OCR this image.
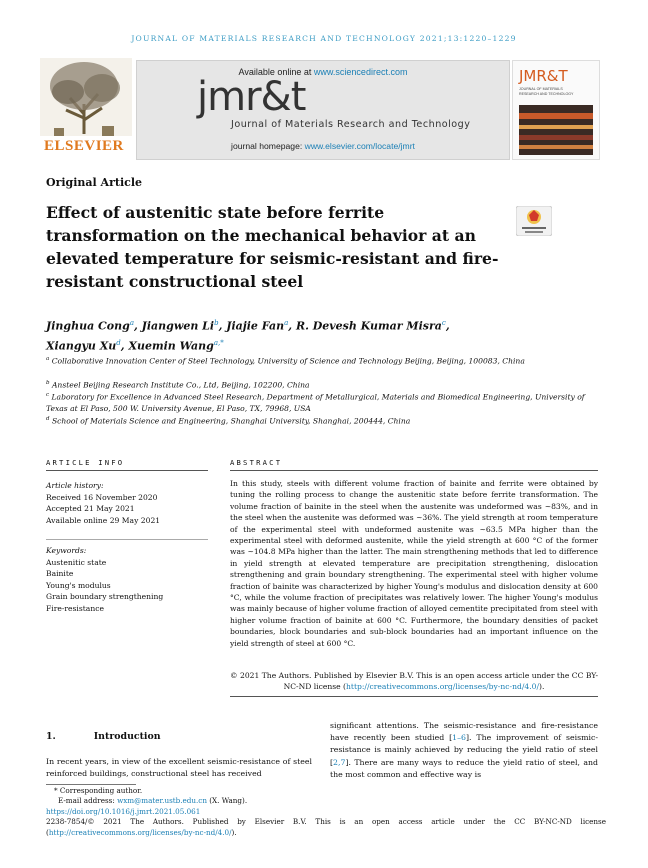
JOURNAL OF MATERIALS RESEARCH AND TECHNOLOGY 2021;13:1220–1229
ELSEVIER
Available online at www.sciencedirect.com
jmr&t
Journal of Materials Research and Technology
journal homepage: www.elsevier.com/locate/jmrt
JMR&T
JOURNAL OF MATERIALS RESEARCH AND TECHNOLOGY
Original Article
Effect of austenitic state before ferrite transformation on the mechanical behavior at an elevated temperature for seismic-resistant and fire-resistant constructional steel
Jinghua Cong$^a$, Jiangwen Li$^b$, Jiajie Fan$^a$, R. Devesh Kumar Misra$^c$,
Xiangyu Xu$^d$, Xuemin Wang$^{a,*}$
$^a$ Collaborative Innovation Center of Steel Technology, University of Science and Technology Beijing, Beijing, 100083, China
$^b$ Ansteel Beijing Research Institute Co., Ltd, Beijing, 102200, China
$^c$ Laboratory for Excellence in Advanced Steel Research, Department of Metallurgical, Materials and Biomedical Engineering, University of Texas at El Paso, 500 W. University Avenue, El Paso, TX, 79968, USA
$^d$ School of Materials Science and Engineering, Shanghai University, Shanghai, 200444, China
ARTICLE INFO	ABSTRACT
Article history:
Received 16 November 2020
Accepted 21 May 2021
Available online 29 May 2021
Keywords:
Austenitic state
Bainite
Young's modulus
Grain boundary strengthening
Fire-resistance
In this study, steels with different volume fraction of bainite and ferrite were obtained by tuning the rolling process to change the austenitic state before ferrite transformation. The volume fraction of bainite in the steel when the austenite was undeformed was ~83%, and in the steel when the austenite was deformed was ~36%. The yield strength at room temperature of the experimental steel with undeformed austenite was ~63.5 MPa higher than the experimental steel with deformed austenite, while the yield strength at 600 °C of the former was ~104.8 MPa higher than the latter. The main strengthening methods that led to difference in yield strength at elevated temperature are precipitation strengthening, dislocation strengthening and grain boundary strengthening. The experimental steel with higher volume fraction of bainite was characterized by higher Young's modulus and dislocation density at 600 °C, while the volume fraction of precipitates was relatively lower. The higher Young's modulus was mainly because of higher volume fraction of alloyed cementite precipitated from steel with higher volume fraction of bainite at 600 °C. Furthermore, the boundary densities of packet boundaries, block boundaries and sub-block boundaries had an important influence on the yield strength of steel at 600 °C.
© 2021 The Authors. Published by Elsevier B.V. This is an open access article under the CC BY-NC-ND license (http://creativecommons.org/licenses/by-nc-nd/4.0/).
1.	Introduction
In recent years, in view of the excellent seismic-resistance of steel reinforced buildings, constructional steel has received
significant attentions. The seismic-resistance and fire-resistance have recently been studied [1–6]. The improvement of seismic-resistance is mainly achieved by reducing the yield ratio of steel [2,7]. There are many ways to reduce the yield ratio of steel, and the most common and effective way is
* Corresponding author.
E-mail address: wxm@mater.ustb.edu.cn (X. Wang).
https://doi.org/10.1016/j.jmrt.2021.05.061
2238-7854/© 2021 The Authors. Published by Elsevier B.V. This is an open access article under the CC BY-NC-ND license (http://creativecommons.org/licenses/by-nc-nd/4.0/).
